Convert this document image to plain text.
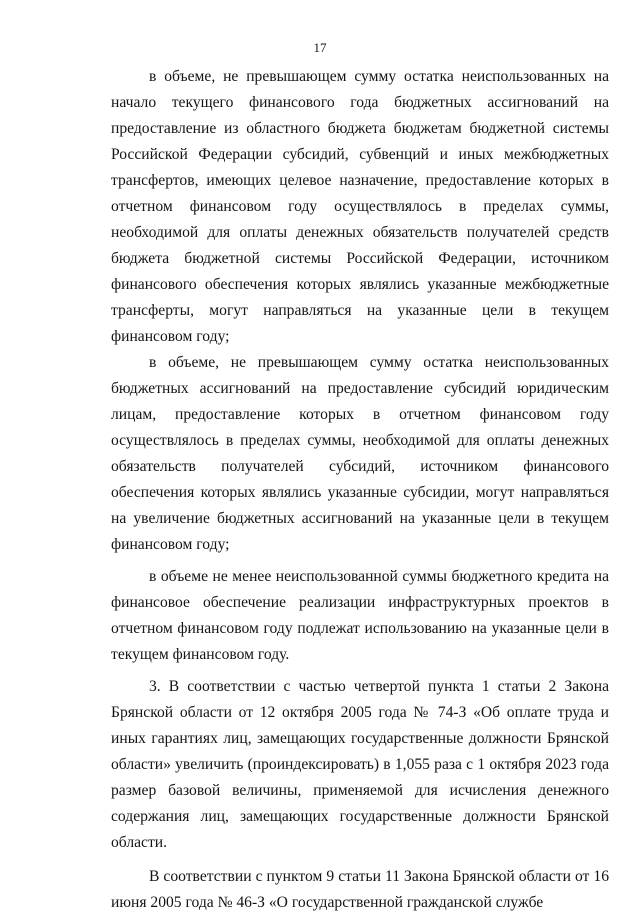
17

в объеме, не превышающем сумму остатка неиспользованных на начало текущего финансового года бюджетных ассигнований на предоставление из областного бюджета бюджетам бюджетной системы Российской Федерации субсидий, субвенций и иных межбюджетных трансфертов, имеющих целевое назначение, предоставление которых в отчетном финансовом году осуществлялось в пределах суммы, необходимой для оплаты денежных обязательств получателей средств бюджета бюджетной системы Российской Федерации, источником финансового обеспечения которых являлись указанные межбюджетные трансферты, могут направляться на указанные цели в текущем финансовом году;

в объеме, не превышающем сумму остатка неиспользованных бюджетных ассигнований на предоставление субсидий юридическим лицам, предоставление которых в отчетном финансовом году осуществлялось в пределах суммы, необходимой для оплаты денежных обязательств получателей субсидий, источником финансового обеспечения которых являлись указанные субсидии, могут направляться на увеличение бюджетных ассигнований на указанные цели в текущем финансовом году;

в объеме не менее неиспользованной суммы бюджетного кредита на финансовое обеспечение реализации инфраструктурных проектов в отчетном финансовом году подлежат использованию на указанные цели в текущем финансовом году.

3. В соответствии с частью четвертой пункта 1 статьи 2 Закона Брянской области от 12 октября 2005 года № 74-З «Об оплате труда и иных гарантиях лиц, замещающих государственные должности Брянской области» увеличить (проиндексировать) в 1,055 раза с 1 октября 2023 года размер базовой величины, применяемой для исчисления денежного содержания лиц, замещающих государственные должности Брянской области.

В соответствии с пунктом 9 статьи 11 Закона Брянской области от 16 июня 2005 года № 46-З «О государственной гражданской службе
